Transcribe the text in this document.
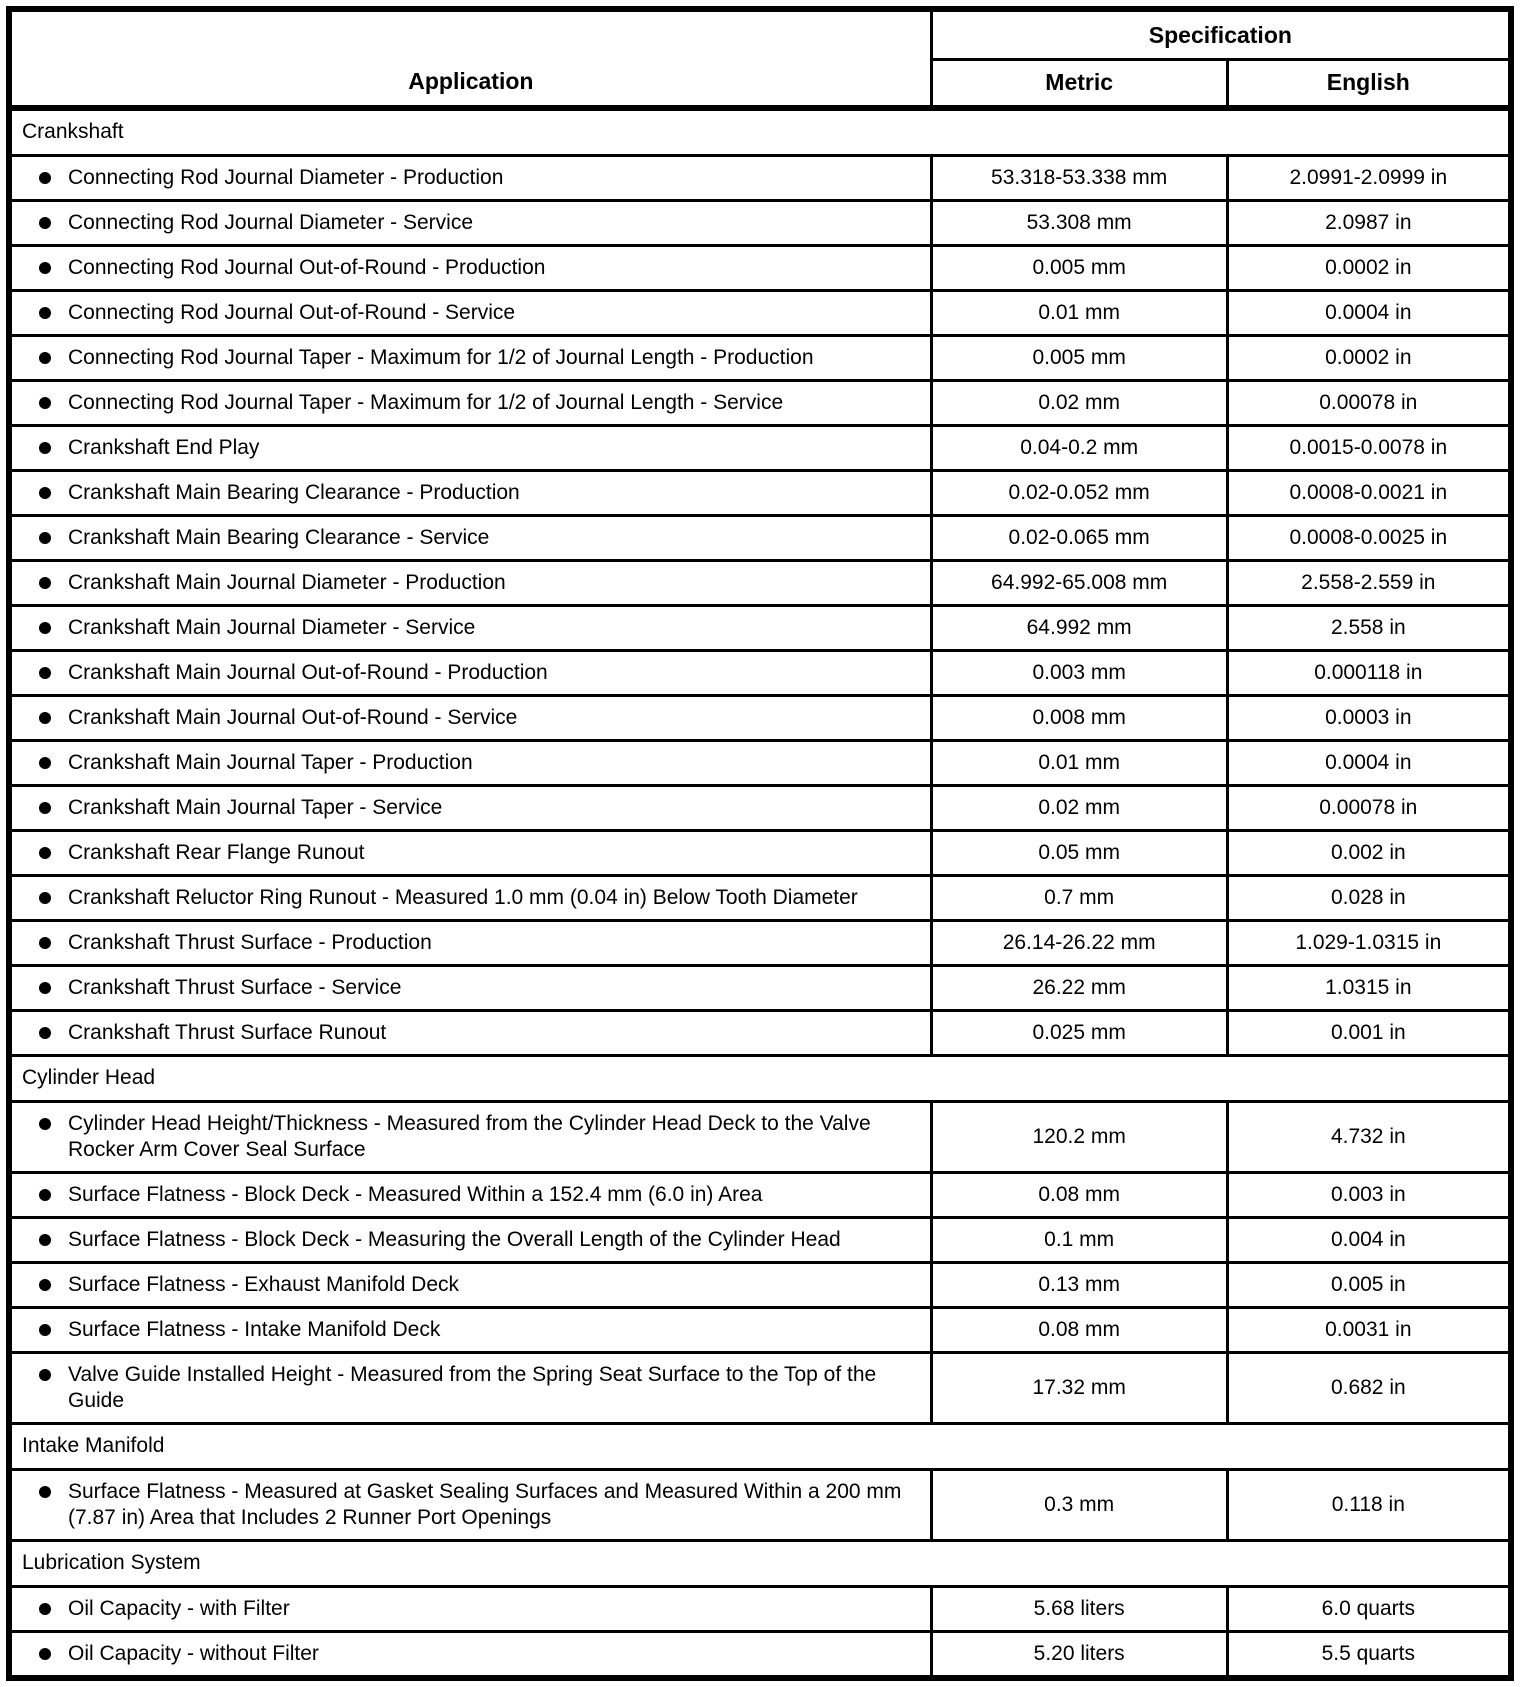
Application	Specification	
	Metric	English
Crankshaft		

Connecting Rod Journal Diameter - Production	53.318-53.338 mm	2.0991-2.0999 in

Connecting Rod Journal Diameter - Service	53.308 mm	2.0987 in

Connecting Rod Journal Out-of-Round - Production	0.005 mm	0.0002 in

Connecting Rod Journal Out-of-Round - Service	0.01 mm	0.0004 in

Connecting Rod Journal Taper - Maximum for 1/2 of Journal Length - Production	0.005 mm	0.0002 in

Connecting Rod Journal Taper - Maximum for 1/2 of Journal Length - Service	0.02 mm	0.00078 in

Crankshaft End Play	0.04-0.2 mm	0.0015-0.0078 in

Crankshaft Main Bearing Clearance - Production	0.02-0.052 mm	0.0008-0.0021 in

Crankshaft Main Bearing Clearance - Service	0.02-0.065 mm	0.0008-0.0025 in

Crankshaft Main Journal Diameter - Production	64.992-65.008 mm	2.558-2.559 in

Crankshaft Main Journal Diameter - Service	64.992 mm	2.558 in

Crankshaft Main Journal Out-of-Round - Production	0.003 mm	0.000118 in

Crankshaft Main Journal Out-of-Round - Service	0.008 mm	0.0003 in

Crankshaft Main Journal Taper - Production	0.01 mm	0.0004 in

Crankshaft Main Journal Taper - Service	0.02 mm	0.00078 in

Crankshaft Rear Flange Runout	0.05 mm	0.002 in

Crankshaft Reluctor Ring Runout - Measured 1.0 mm (0.04 in) Below Tooth Diameter	0.7 mm	0.028 in

Crankshaft Thrust Surface - Production	26.14-26.22 mm	1.029-1.0315 in

Crankshaft Thrust Surface - Service	26.22 mm	1.0315 in

Crankshaft Thrust Surface Runout	0.025 mm	0.001 in
Cylinder Head		

Cylinder Head Height/Thickness - Measured from the Cylinder Head Deck to the Valve Rocker Arm Cover Seal Surface	120.2 mm	4.732 in

Surface Flatness - Block Deck - Measured Within a 152.4 mm (6.0 in) Area	0.08 mm	0.003 in

Surface Flatness - Block Deck - Measuring the Overall Length of the Cylinder Head	0.1 mm	0.004 in

Surface Flatness - Exhaust Manifold Deck	0.13 mm	0.005 in

Surface Flatness - Intake Manifold Deck	0.08 mm	0.0031 in

Valve Guide Installed Height - Measured from the Spring Seat Surface to the Top of the Guide	17.32 mm	0.682 in
Intake Manifold		

Surface Flatness - Measured at Gasket Sealing Surfaces and Measured Within a 200 mm (7.87 in) Area that Includes 2 Runner Port Openings	0.3 mm	0.118 in
Lubrication System		

Oil Capacity - with Filter	5.68 liters	6.0 quarts

Oil Capacity - without Filter	5.20 liters	5.5 quarts
